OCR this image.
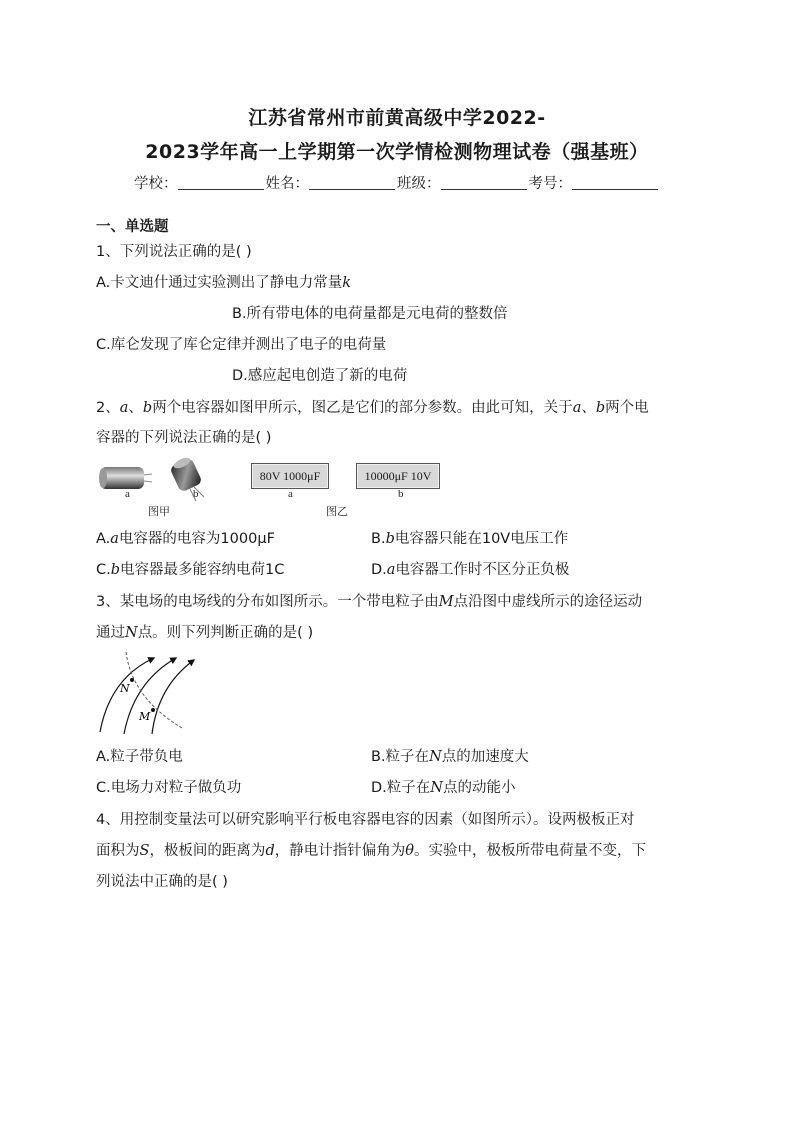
江苏省常州市前黄高级中学2022-
2023学年高一上学期第一次学情检测物理试卷（强基班）
学校：	姓名：	班级：	考号：
一、单选题
1、下列说法正确的是( )
A.卡文迪什通过实验测出了静电力常量k
B.所有带电体的电荷量都是元电荷的整数倍
C.库仑发现了库仑定律并测出了电子的电荷量
D.感应起电创造了新的电荷
2、a、b两个电容器如图甲所示，图乙是它们的部分参数。由此可知，关于a、b两个电
容器的下列说法正确的是( )
a	b
图甲
80V 1000μF	10000μF 10V
a	b
图乙
A.a电容器的电容为1000μF	B.b电容器只能在10V电压工作
C.b电容器最多能容纳电荷1C	D.a电容器工作时不区分正负极
3、某电场的电场线的分布如图所示。一个带电粒子由M点沿图中虚线所示的途径运动
通过N点。则下列判断正确的是( )
N
M
A.粒子带负电	B.粒子在N点的加速度大
C.电场力对粒子做负功	D.粒子在N点的动能小
4、用控制变量法可以研究影响平行板电容器电容的因素（如图所示）。设两极板正对
面积为S，极板间的距离为d，静电计指针偏角为θ。实验中，极板所带电荷量不变，下
列说法中正确的是( )
